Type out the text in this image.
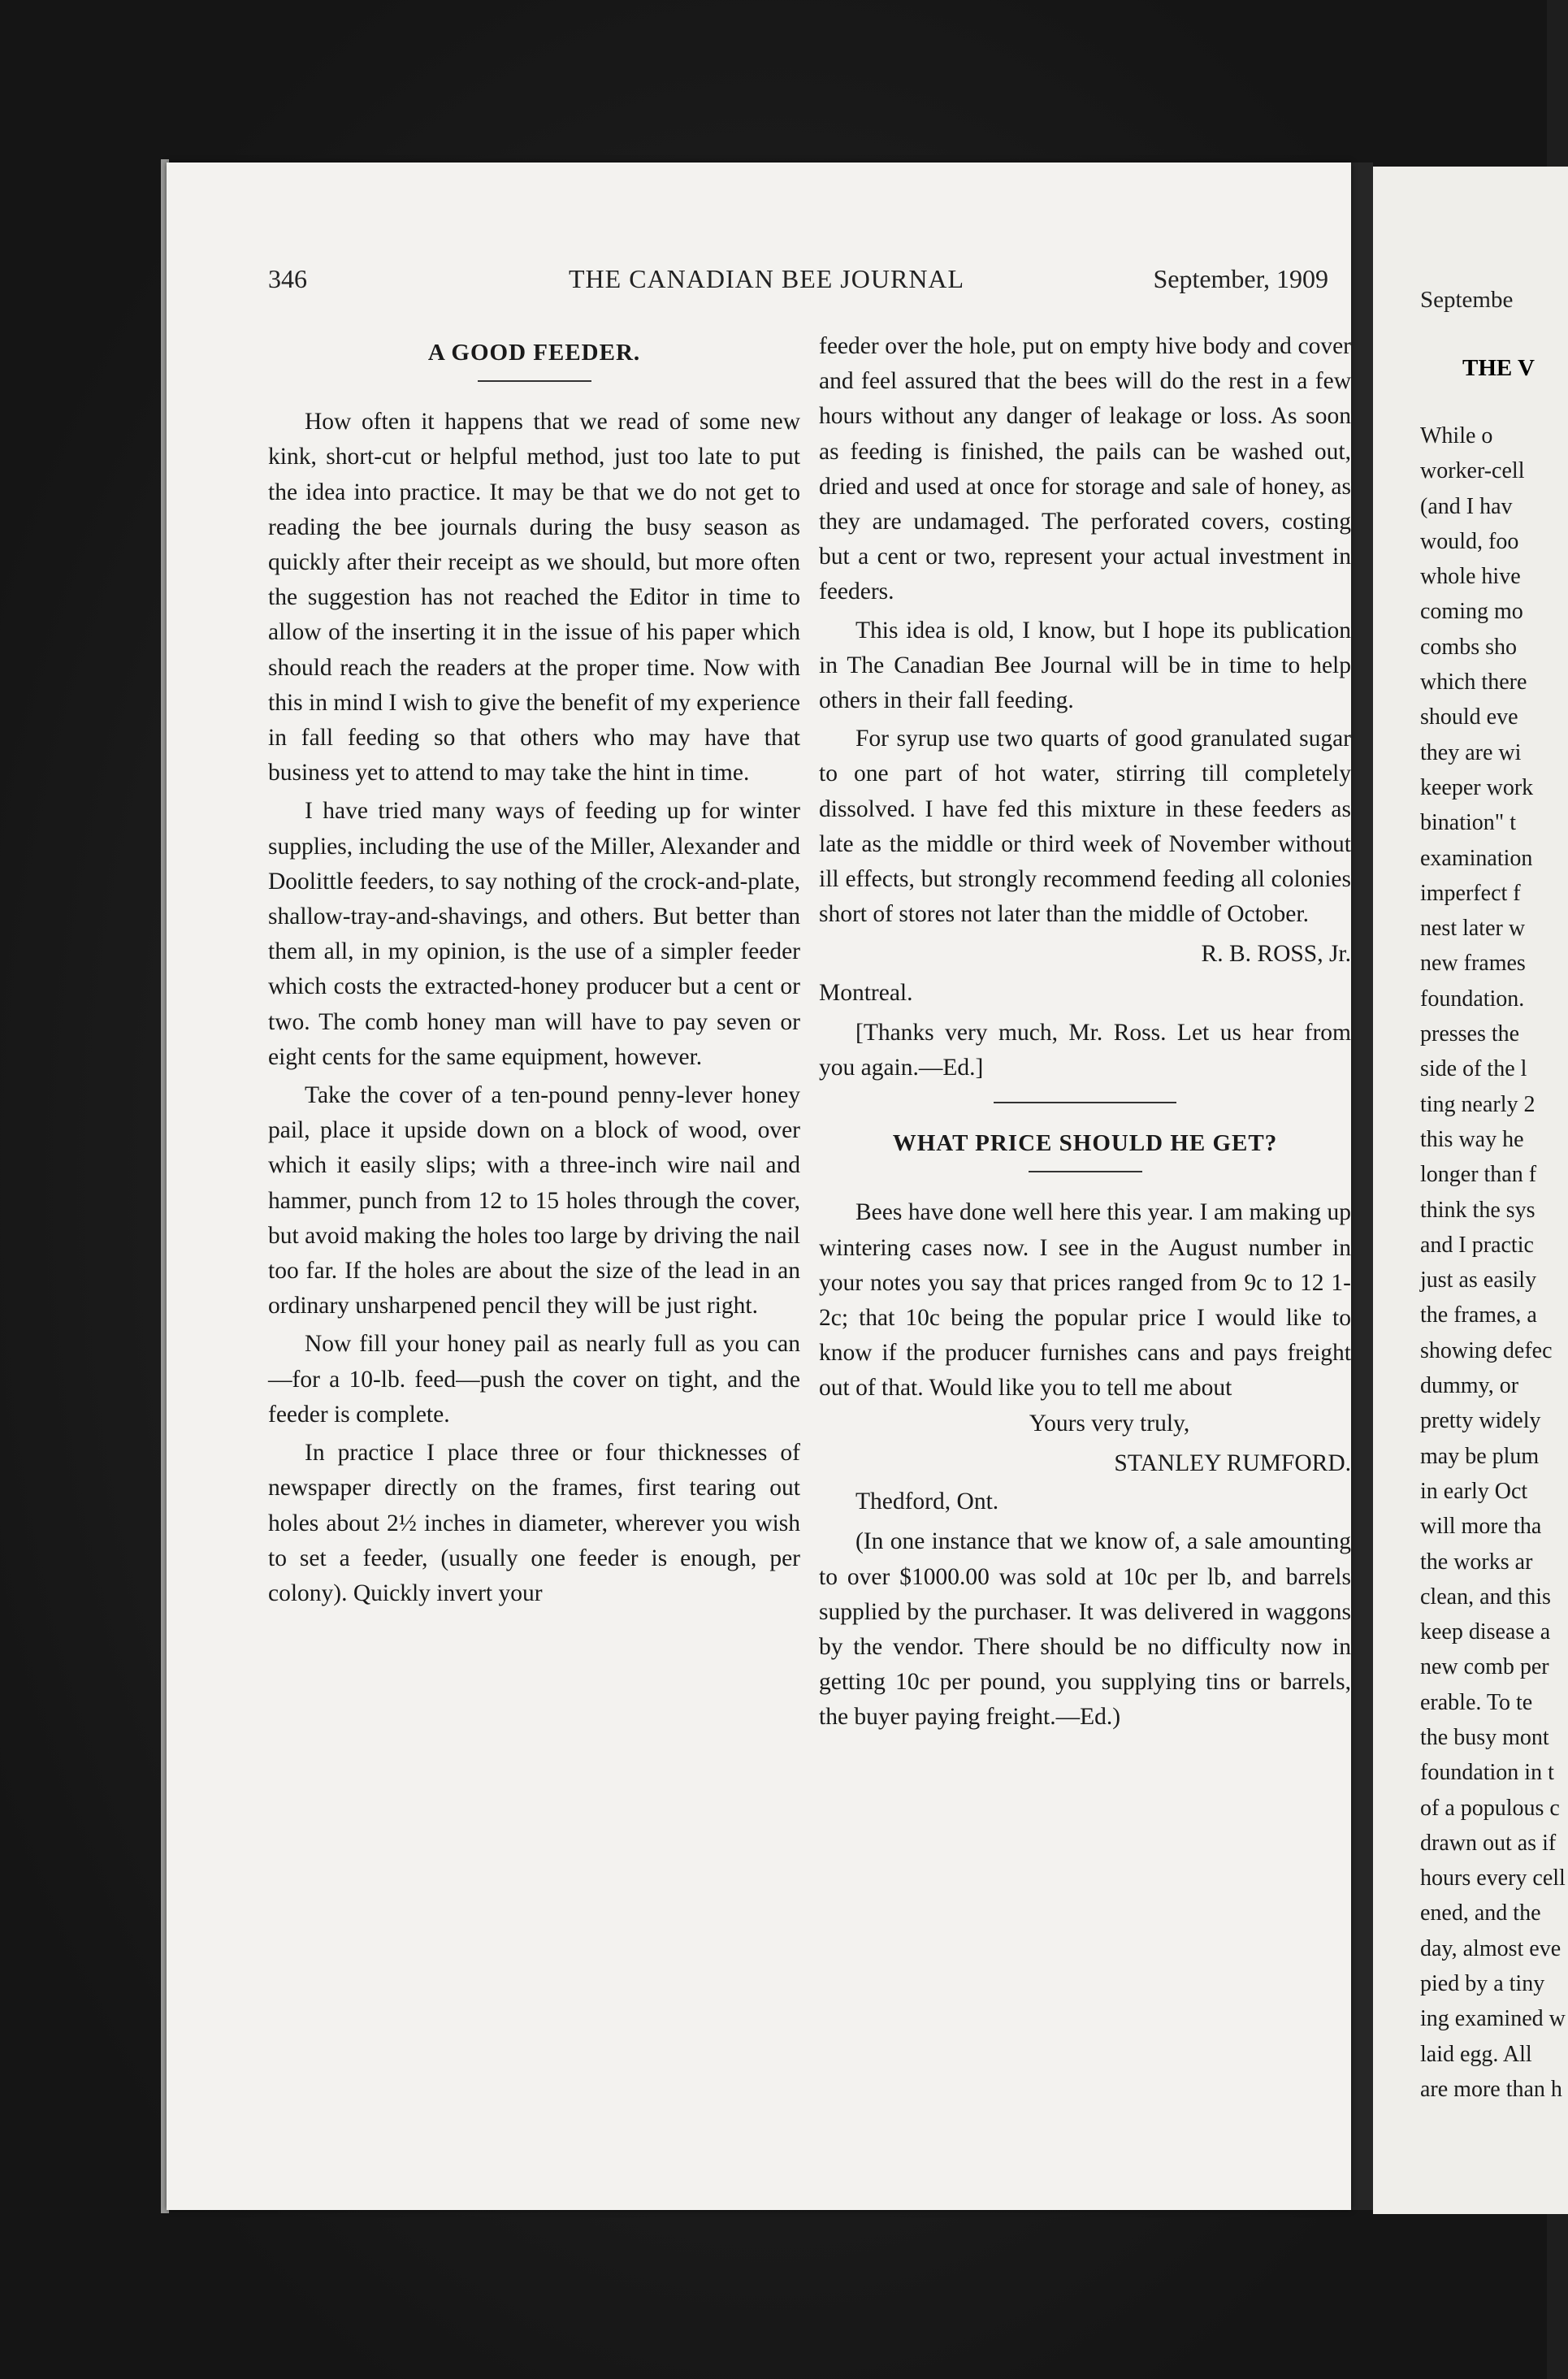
346	THE CANADIAN BEE JOURNAL	September, 1909
A GOOD FEEDER.

How often it happens that we read of some new kink, short-cut or helpful method, just too late to put the idea into practice. It may be that we do not get to reading the bee journals during the busy season as quickly after their receipt as we should, but more often the suggestion has not reached the Editor in time to allow of the inserting it in the issue of his paper which should reach the readers at the proper time. Now with this in mind I wish to give the benefit of my experience in fall feeding so that others who may have that business yet to attend to may take the hint in time.

I have tried many ways of feeding up for winter supplies, including the use of the Miller, Alexander and Doolittle feeders, to say nothing of the crock-and-plate, shallow-tray-and-shavings, and others. But better than them all, in my opinion, is the use of a simpler feeder which costs the extracted-honey producer but a cent or two. The comb honey man will have to pay seven or eight cents for the same equipment, however.

Take the cover of a ten-pound penny-lever honey pail, place it upside down on a block of wood, over which it easily slips; with a three-inch wire nail and hammer, punch from 12 to 15 holes through the cover, but avoid making the holes too large by driving the nail too far. If the holes are about the size of the lead in an ordinary unsharpened pencil they will be just right.

Now fill your honey pail as nearly full as you can—for a 10-lb. feed—push the cover on tight, and the feeder is complete.

In practice I place three or four thicknesses of newspaper directly on the frames, first tearing out holes about 2½ inches in diameter, wherever you wish to set a feeder, (usually one feeder is enough, per colony). Quickly invert your

feeder over the hole, put on empty hive body and cover and feel assured that the bees will do the rest in a few hours without any danger of leakage or loss. As soon as feeding is finished, the pails can be washed out, dried and used at once for storage and sale of honey, as they are undamaged. The perforated covers, costing but a cent or two, represent your actual investment in feeders.

This idea is old, I know, but I hope its publication in The Canadian Bee Journal will be in time to help others in their fall feeding.

For syrup use two quarts of good granulated sugar to one part of hot water, stirring till completely dissolved. I have fed this mixture in these feeders as late as the middle or third week of November without ill effects, but strongly recommend feeding all colonies short of stores not later than the middle of October.

R. B. ROSS, Jr.
Montreal.

[Thanks very much, Mr. Ross. Let us hear from you again.—Ed.]

WHAT PRICE SHOULD HE GET?

Bees have done well here this year. I am making up wintering cases now. I see in the August number in your notes you say that prices ranged from 9c to 12 1-2c; that 10c being the popular price I would like to know if the producer furnishes cans and pays freight out of that. Would like you to tell me about

Yours very truly,
STANLEY RUMFORD.
Thedford, Ont.

(In one instance that we know of, a sale amounting to over $1000.00 was sold at 10c per lb, and barrels supplied by the purchaser. It was delivered in waggons by the vendor. There should be no difficulty now in getting 10c per pound, you supplying tins or barrels, the buyer paying freight.—Ed.)

Septembe
THE V
While o
worker-cell
(and I hav
would, foo
whole hive
coming mo
combs sho
which there
should eve
they are wi
keeper work
bination" t
examination
imperfect f
nest later w
new frames
foundation.
presses the
side of the l
ting nearly 2
this way he
longer than f
think the sys
and I practic
just as easily
the frames, a
showing defec
dummy, or
pretty widely
may be plum
in early Oct
will more tha
the works ar
clean, and this
keep disease a
new comb per
erable. To te
the busy mont
foundation in t
of a populous c
drawn out as if
hours every cell
ened, and the
day, almost eve
pied by a tiny
ing examined w
laid egg. All
are more than h
